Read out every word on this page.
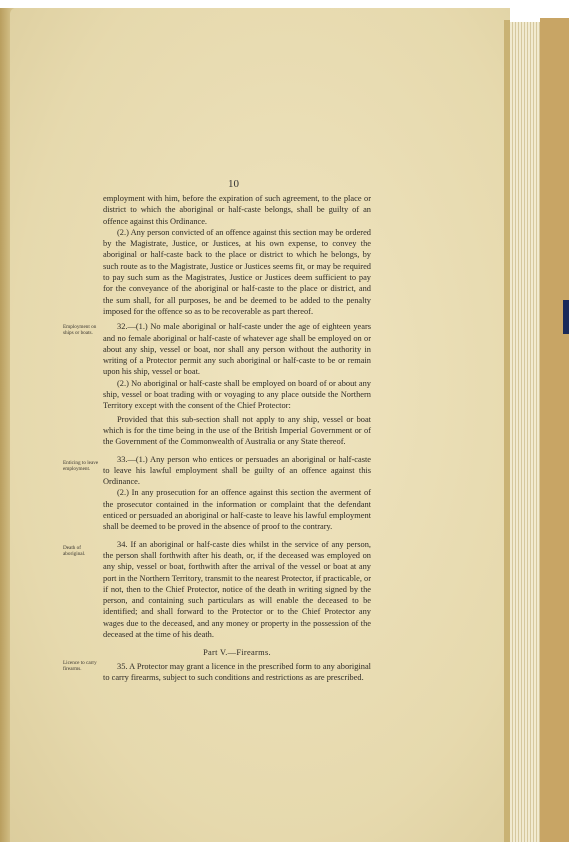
10
Employment on ships or boats.
Enticing to leave employment.
Death of aboriginal.
Licence to carry firearms.

employment with him, before the expiration of such agreement, to the place or district to which the aboriginal or half-caste belongs, shall be guilty of an offence against this Ordinance.

(2.) Any person convicted of an offence against this section may be ordered by the Magistrate, Justice, or Justices, at his own expense, to convey the aboriginal or half-caste back to the place or district to which he belongs, by such route as to the Magistrate, Justice or Justices seems fit, or may be required to pay such sum as the Magistrates, Justice or Justices deem sufficient to pay for the conveyance of the aboriginal or half-caste to the place or district, and the sum shall, for all purposes, be and be deemed to be added to the penalty imposed for the offence so as to be recoverable as part thereof.

32.—(1.) No male aboriginal or half-caste under the age of eighteen years and no female aboriginal or half-caste of whatever age shall be employed on or about any ship, vessel or boat, nor shall any person without the authority in writing of a Protector permit any such aboriginal or half-caste to be or remain upon his ship, vessel or boat.

(2.) No aboriginal or half-caste shall be employed on board of or about any ship, vessel or boat trading with or voyaging to any place outside the Northern Territory except with the consent of the Chief Protector:

Provided that this sub-section shall not apply to any ship, vessel or boat which is for the time being in the use of the British Imperial Government or of the Government of the Commonwealth of Australia or any State thereof.

33.—(1.) Any person who entices or persuades an aboriginal or half-caste to leave his lawful employment shall be guilty of an offence against this Ordinance.

(2.) In any prosecution for an offence against this section the averment of the prosecutor contained in the information or complaint that the defendant enticed or persuaded an aboriginal or half-caste to leave his lawful employment shall be deemed to be proved in the absence of proof to the contrary.

34. If an aboriginal or half-caste dies whilst in the service of any person, the person shall forthwith after his death, or, if the deceased was employed on any ship, vessel or boat, forthwith after the arrival of the vessel or boat at any port in the Northern Territory, transmit to the nearest Protector, if practicable, or if not, then to the Chief Protector, notice of the death in writing signed by the person, and containing such particulars as will enable the deceased to be identified; and shall forward to the Protector or to the Chief Protector any wages due to the deceased, and any money or property in the possession of the deceased at the time of his death.

Part V.—Firearms.

35. A Protector may grant a licence in the prescribed form to any aboriginal to carry firearms, subject to such conditions and restrictions as are prescribed.
